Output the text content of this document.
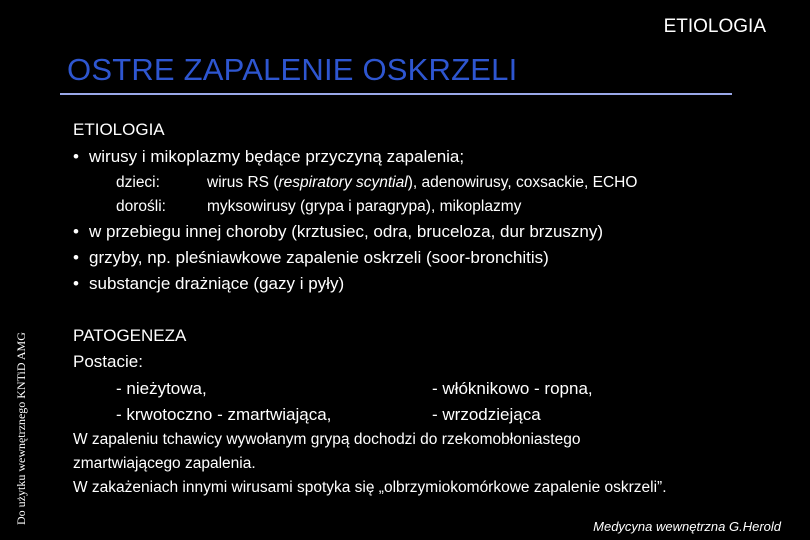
ETIOLOGIA
OSTRE ZAPALENIE OSKRZELI
Do użytku wewnętrznego KNTiD AMG
ETIOLOGIA
• wirusy i mikoplazmy będące przyczyną zapalenia;
dzieci:	wirus RS (respiratory scyntial), adenowirusy, coxsackie, ECHO
dorośli:	myksowirusy (grypa i paragrypa), mikoplazmy
• w przebiegu innej choroby (krztusiec, odra, bruceloza, dur brzuszny)
• grzyby, np. pleśniawkowe zapalenie oskrzeli (soor-bronchitis)
• substancje drażniące (gazy i pyły)
PATOGENEZA
Postacie:
- nieżytowa,	- włóknikowo - ropna,
- krwotoczno - zmartwiająca,	- wrzodziejąca
W zapaleniu tchawicy wywołanym grypą dochodzi do rzekomobłoniastego
zmartwiającego zapalenia.
W zakażeniach innymi wirusami spotyka się „olbrzymiokomórkowe zapalenie oskrzeli”.
Medycyna wewnętrzna G.Herold
